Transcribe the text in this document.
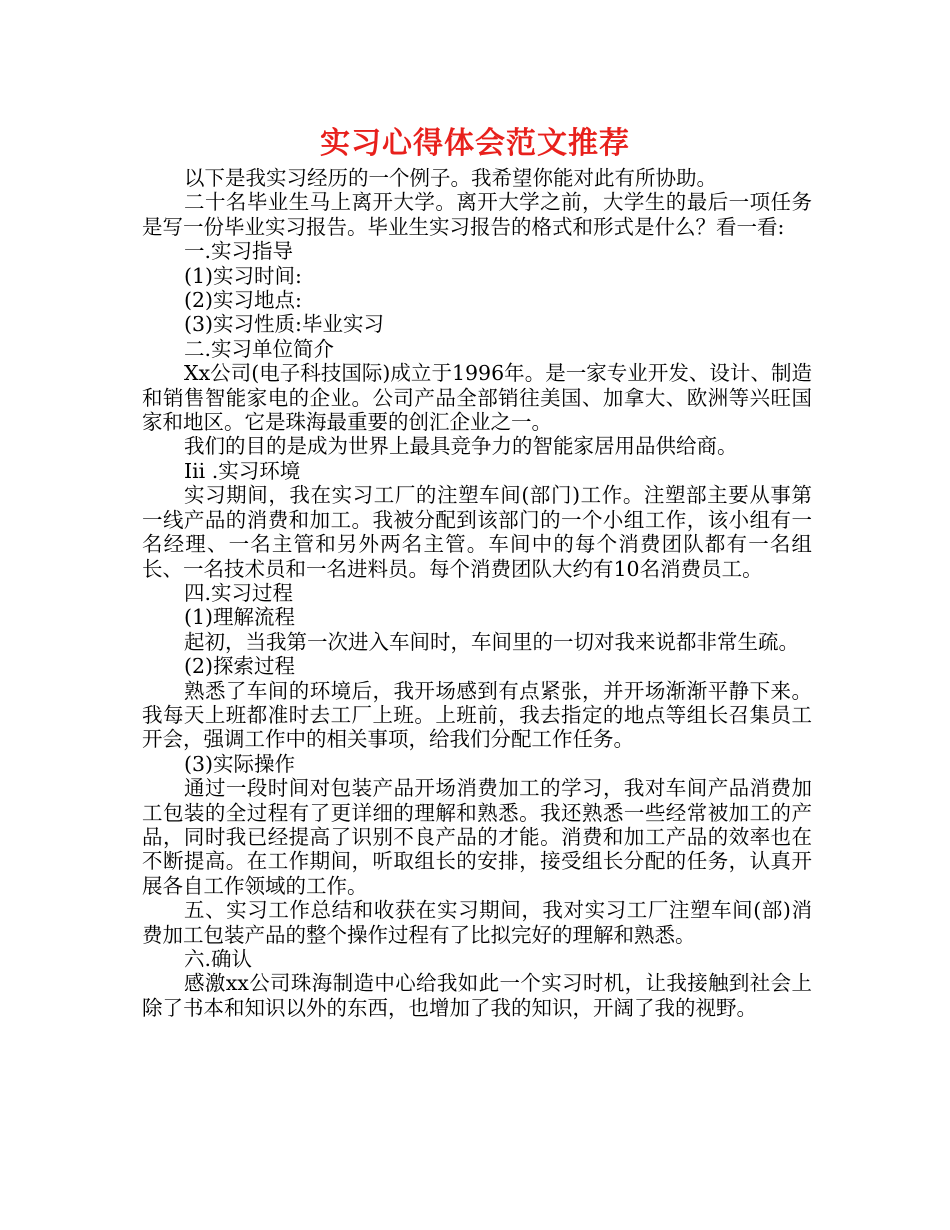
实习心得体会范文推荐

以下是我实习经历的一个例子。我希望你能对此有所协助。

二十名毕业生马上离开大学。离开大学之前，大学生的最后一项任务是写一份毕业实习报告。毕业生实习报告的格式和形式是什么？看一看:

一.实习指导

(1)实习时间:

(2)实习地点:

(3)实习性质:毕业实习

二.实习单位简介

Xx公司(电子科技国际)成立于1996年。是一家专业开发、设计、制造和销售智能家电的企业。公司产品全部销往美国、加拿大、欧洲等兴旺国家和地区。它是珠海最重要的创汇企业之一。

我们的目的是成为世界上最具竞争力的智能家居用品供给商。

Iii .实习环境

实习期间，我在实习工厂的注塑车间(部门)工作。注塑部主要从事第一线产品的消费和加工。我被分配到该部门的一个小组工作，该小组有一名经理、一名主管和另外两名主管。车间中的每个消费团队都有一名组长、一名技术员和一名进料员。每个消费团队大约有10名消费员工。

四.实习过程

(1)理解流程

起初，当我第一次进入车间时，车间里的一切对我来说都非常生疏。

(2)探索过程

熟悉了车间的环境后，我开场感到有点紧张，并开场渐渐平静下来。我每天上班都准时去工厂上班。上班前，我去指定的地点等组长召集员工开会，强调工作中的相关事项，给我们分配工作任务。

(3)实际操作

通过一段时间对包装产品开场消费加工的学习，我对车间产品消费加工包装的全过程有了更详细的理解和熟悉。我还熟悉一些经常被加工的产品，同时我已经提高了识别不良产品的才能。消费和加工产品的效率也在不断提高。在工作期间，听取组长的安排，接受组长分配的任务，认真开展各自工作领域的工作。

五、实习工作总结和收获在实习期间，我对实习工厂注塑车间(部)消费加工包装产品的整个操作过程有了比拟完好的理解和熟悉。

六.确认

感激xx公司珠海制造中心给我如此一个实习时机，让我接触到社会上除了书本和知识以外的东西，也增加了我的知识，开阔了我的视野。
